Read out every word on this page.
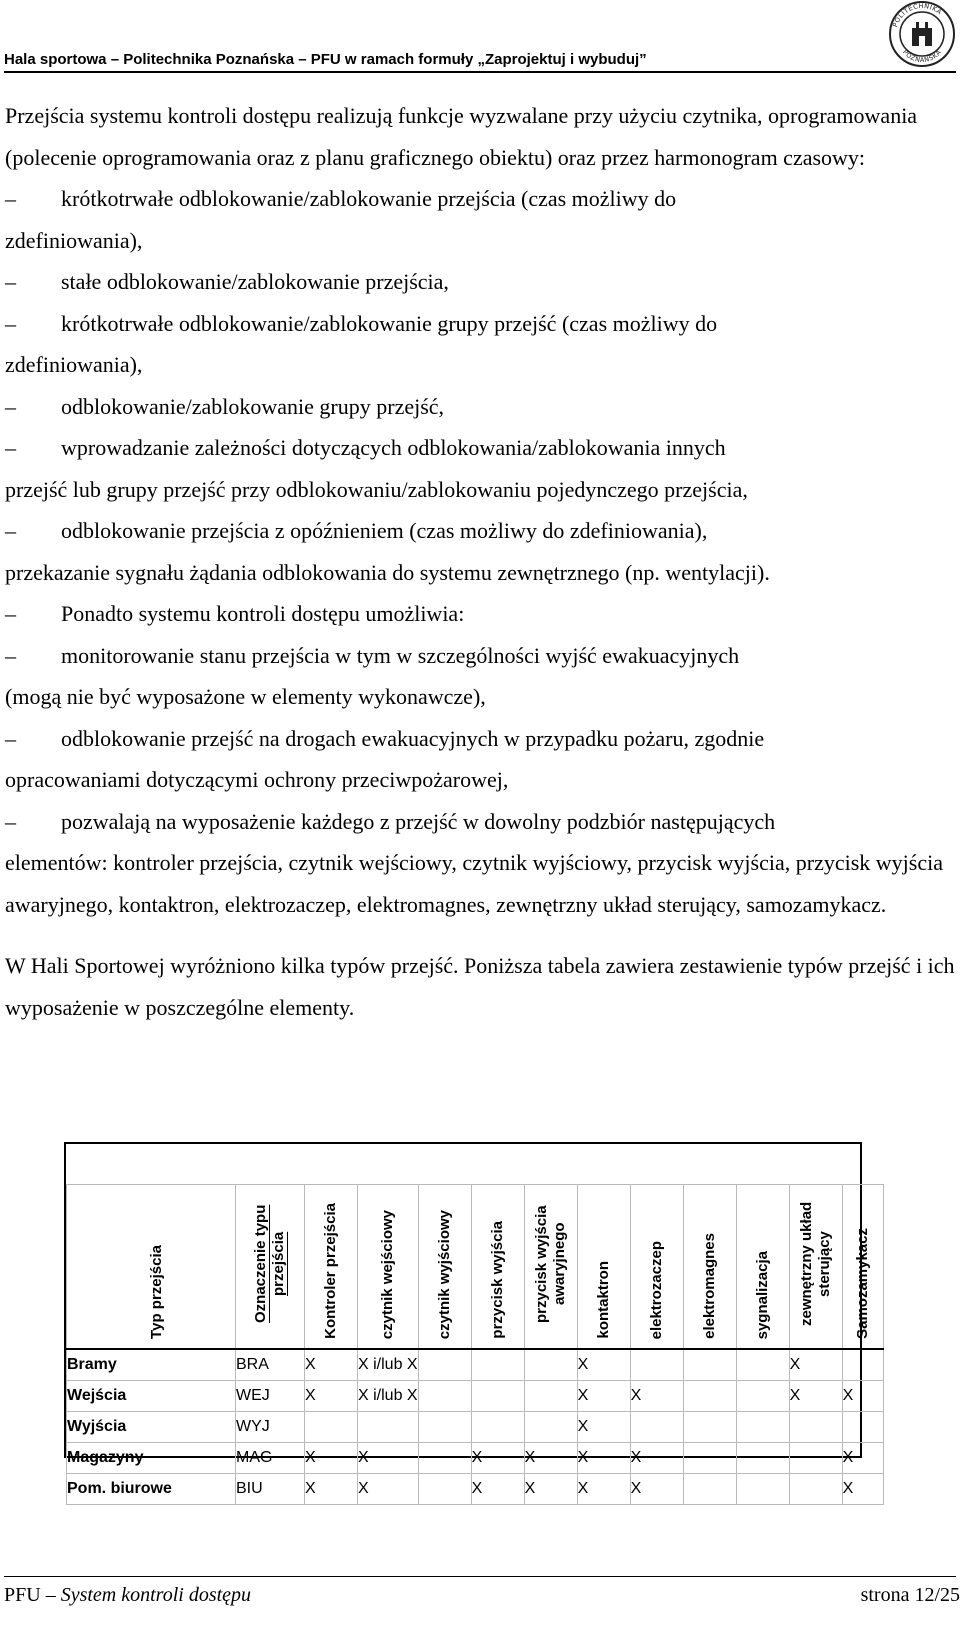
Hala sportowa – Politechnika Poznańska – PFU w ramach formuły „Zaprojektuj i wybuduj”
POLITECHNIKA
POZNAŃSKA

Przejścia systemu kontroli dostępu realizują funkcje wyzwalane przy użyciu czytnika, oprogramowania (polecenie oprogramowania oraz z planu graficznego obiektu) oraz przez harmonogram czasowy:

–	krótkotrwałe odblokowanie/zablokowanie przejścia (czas możliwy do

zdefiniowania),

–	stałe odblokowanie/zablokowanie przejścia,
–	krótkotrwałe odblokowanie/zablokowanie grupy przejść (czas możliwy do

zdefiniowania),

–	odblokowanie/zablokowanie grupy przejść,
–	wprowadzanie zależności dotyczących odblokowania/zablokowania innych

przejść lub grupy przejść przy odblokowaniu/zablokowaniu pojedynczego przejścia,

–	odblokowanie przejścia z opóźnieniem (czas możliwy do zdefiniowania),

przekazanie sygnału żądania odblokowania do systemu zewnętrznego (np. wentylacji).

–	Ponadto systemu kontroli dostępu umożliwia:
–	monitorowanie stanu przejścia w tym w szczególności wyjść ewakuacyjnych

(mogą nie być wyposażone w elementy wykonawcze),

–	odblokowanie przejść na drogach ewakuacyjnych w przypadku pożaru, zgodnie

opracowaniami dotyczącymi ochrony przeciwpożarowej,

–	pozwalają na wyposażenie każdego z przejść w dowolny podzbiór następujących

elementów: kontroler przejścia, czytnik wejściowy, czytnik wyjściowy, przycisk wyjścia, przycisk wyjścia awaryjnego, kontaktron, elektrozaczep, elektromagnes, zewnętrzny układ sterujący, samozamykacz.

W Hali Sportowej wyróżniono kilka typów przejść. Poniższa tabela zawiera zestawienie typów przejść i ich wyposażenie w poszczególne elementy.

Typ przejścia	Oznaczenie typu przejścia	Kontroler przejścia	czytnik wejściowy	czytnik wyjściowy	przycisk wyjścia	przycisk wyjścia awaryjnego	kontaktron	elektrozaczep	elektromagnes	sygnalizacja	zewnętrzny układ sterujący	Samozamykacz
Bramy	BRA	X	X i/lub X				X				X	
Wejścia	WEJ	X	X i/lub X				X	X			X	X
Wyjścia	WYJ						X					
Magazyny	MAG	X	X		X	X	X	X				X
Pom. biurowe	BIU	X	X		X	X	X	X				X
PFU – System kontroli dostępu	strona 12/25
